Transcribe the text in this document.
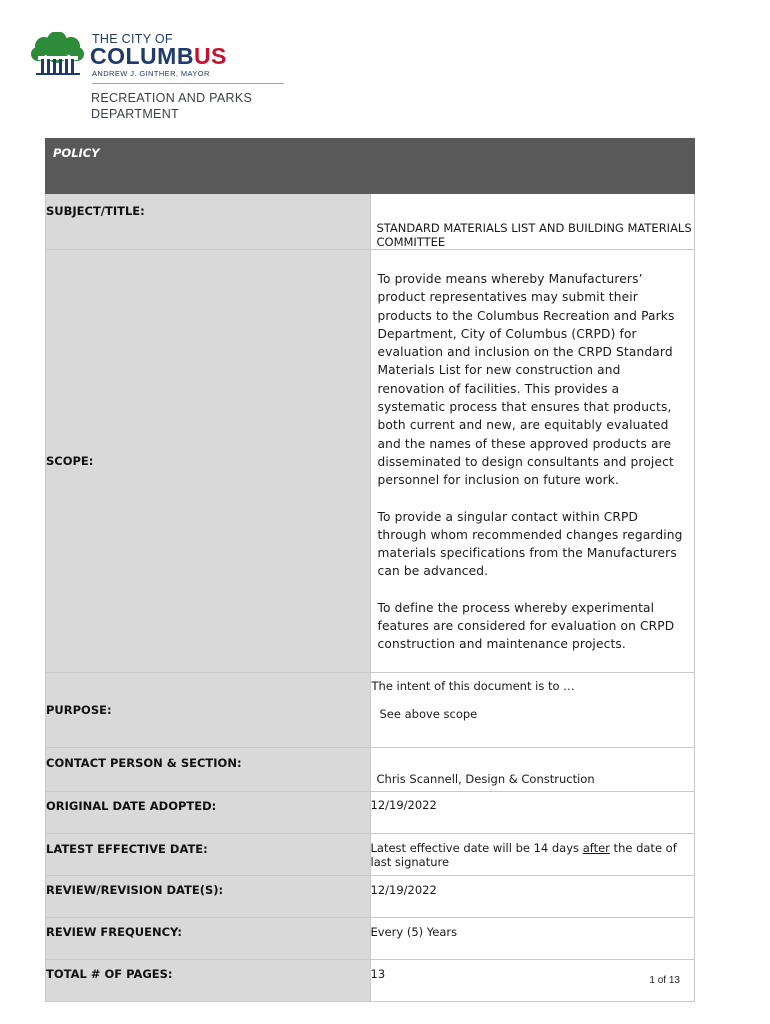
THE CITY OF
COLUMBUS
ANDREW J. GINTHER, MAYOR
RECREATION AND PARKS
DEPARTMENT
POLICY	

SUBJECT/TITLE:	STANDARD MATERIALS LIST AND BUILDING MATERIALS COMMITTEE

SCOPE:	To provide means whereby Manufacturers’ product representatives may submit their products to the Columbus Recreation and Parks Department, City of Columbus (CRPD) for evaluation and inclusion on the CRPD Standard Materials List for new construction and renovation of facilities. This provides a systematic process that ensures that products, both current and new, are equitably evaluated and the names of these approved products are disseminated to design consultants and project personnel for inclusion on future work.

To provide a singular contact within CRPD through whom recommended changes regarding materials specifications from the Manufacturers can be advanced.

To define the process whereby experimental features are considered for evaluation on CRPD construction and maintenance projects.

PURPOSE:	The intent of this document is to …
See above scope

CONTACT PERSON & SECTION:	Chris Scannell, Design & Construction

ORIGINAL DATE ADOPTED:	12/19/2022

LATEST EFFECTIVE DATE:	Latest effective date will be 14 days after the date of last signature

REVIEW/REVISION DATE(S):	12/19/2022

REVIEW FREQUENCY:	Every (5) Years

TOTAL # OF PAGES:	13	1 of 13
